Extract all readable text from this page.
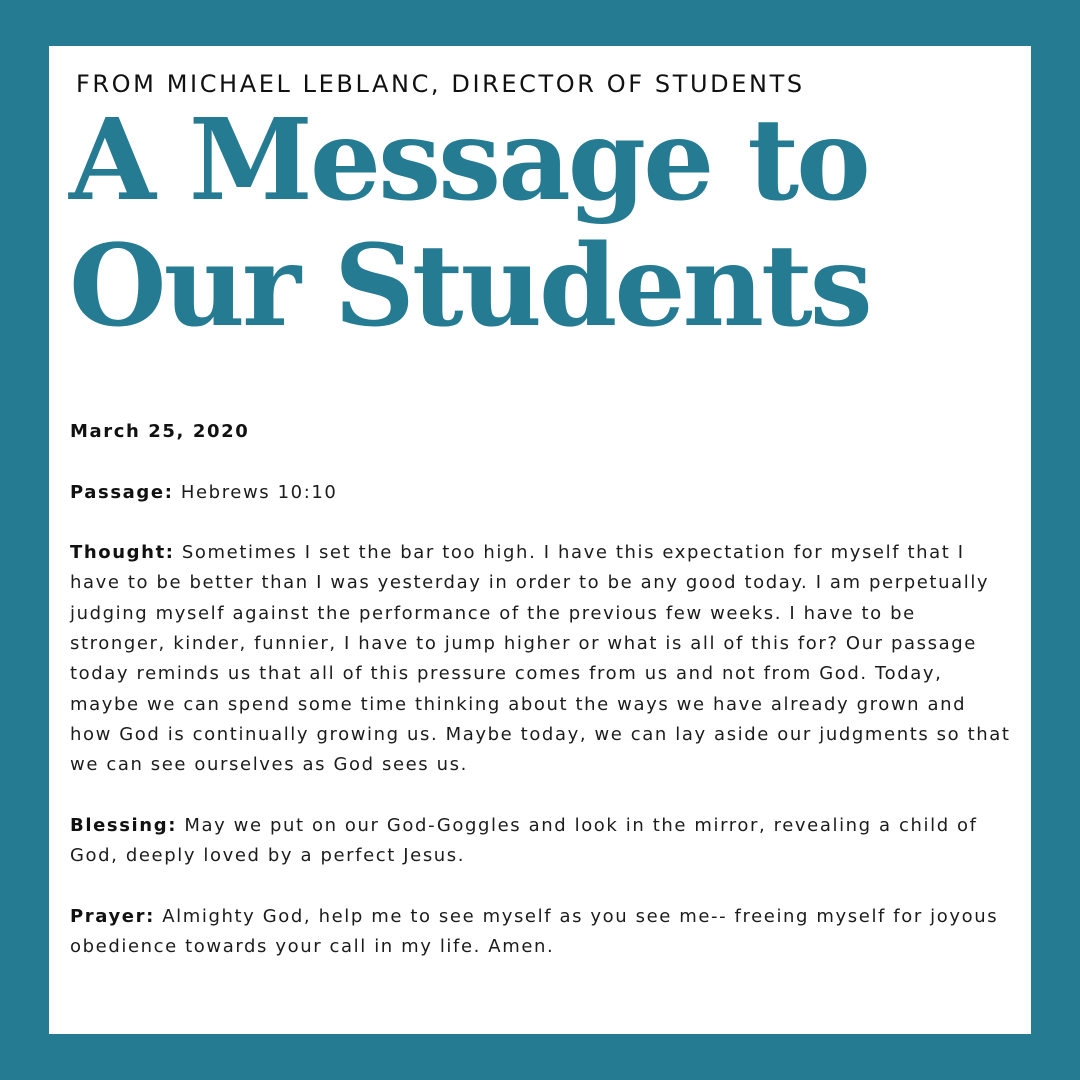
FROM MICHAEL LEBLANC, DIRECTOR OF STUDENTS
A Message to
Our Students

March 25, 2020

Passage: Hebrews 10:10

Thought: Sometimes I set the bar too high. I have this expectation for myself that I have to be better than I was yesterday in order to be any good today. I am perpetually judging myself against the performance of the previous few weeks. I have to be stronger, kinder, funnier, I have to jump higher or what is all of this for? Our passage today reminds us that all of this pressure comes from us and not from God. Today, maybe we can spend some time thinking about the ways we have already grown and how God is continually growing us. Maybe today, we can lay aside our judgments so that we can see ourselves as God sees us.

Blessing: May we put on our God-Goggles and look in the mirror, revealing a child of God, deeply loved by a perfect Jesus.

Prayer: Almighty God, help me to see myself as you see me-- freeing myself for joyous obedience towards your call in my life. Amen.
